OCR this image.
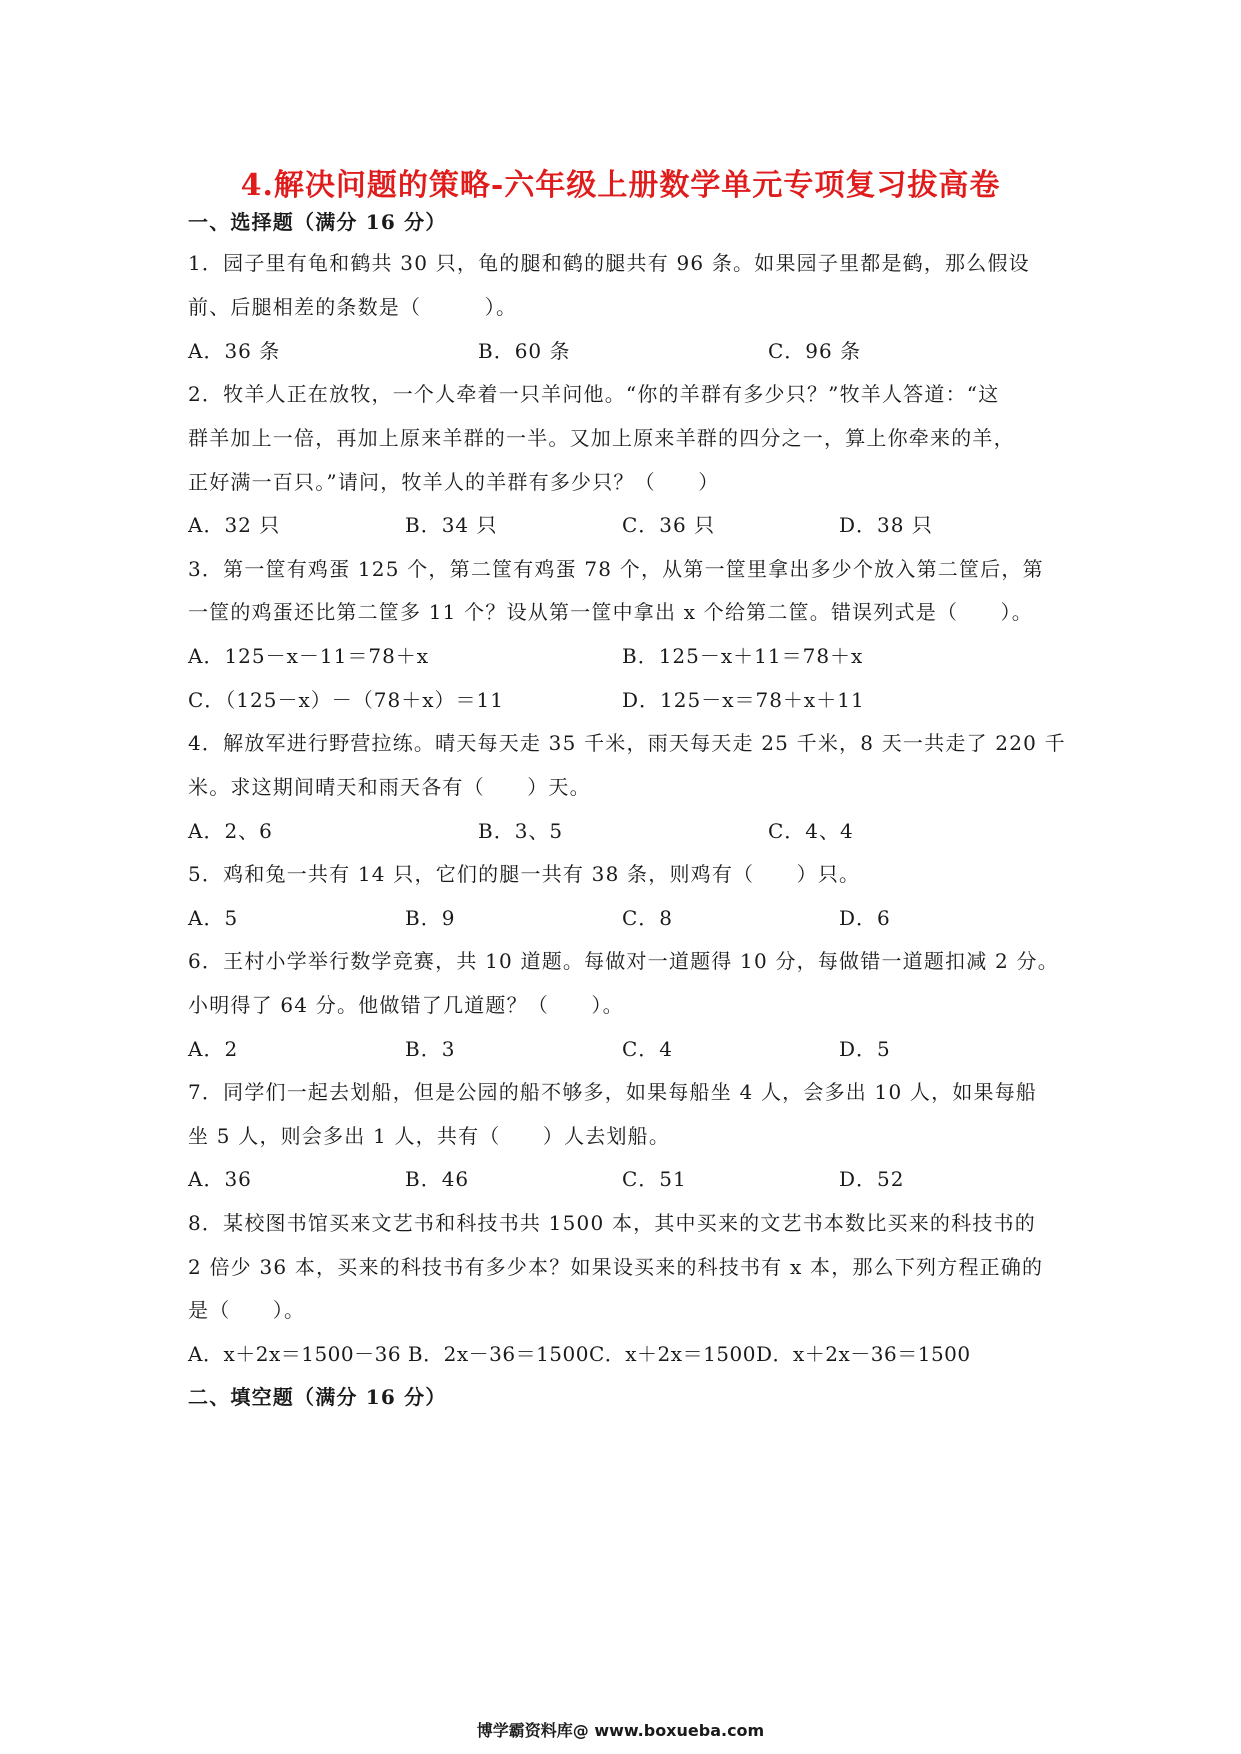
4.解决问题的策略-六年级上册数学单元专项复习拔高卷
一、选择题（满分 16 分）
1．园子里有龟和鹤共 30 只，龟的腿和鹤的腿共有 96 条。如果园子里都是鹤，那么假设
前、后腿相差的条数是（　　　）。
A．36 条	B．60 条	C．96 条
2．牧羊人正在放牧，一个人牵着一只羊问他。“你的羊群有多少只？”牧羊人答道：“这
群羊加上一倍，再加上原来羊群的一半。又加上原来羊群的四分之一，算上你牵来的羊，
正好满一百只。”请问，牧羊人的羊群有多少只？（　　）
A．32 只	B．34 只	C．36 只	D．38 只
3．第一筐有鸡蛋 125 个，第二筐有鸡蛋 78 个，从第一筐里拿出多少个放入第二筐后，第
一筐的鸡蛋还比第二筐多 11 个？设从第一筐中拿出 x 个给第二筐。错误列式是（　　）。
A．125－x－11＝78＋x	B．125－x＋11＝78＋x
C．（125－x）－（78＋x）＝11	D．125－x＝78＋x＋11
4．解放军进行野营拉练。晴天每天走 35 千米，雨天每天走 25 千米，8 天一共走了 220 千
米。求这期间晴天和雨天各有（　　）天。
A．2、6	B．3、5	C．4、4
5．鸡和兔一共有 14 只，它们的腿一共有 38 条，则鸡有（　　）只。
A．5	B．9	C．8	D．6
6．王村小学举行数学竞赛，共 10 道题。每做对一道题得 10 分，每做错一道题扣减 2 分。
小明得了 64 分。他做错了几道题？（　　）。
A．2	B．3	C．4	D．5
7．同学们一起去划船，但是公园的船不够多，如果每船坐 4 人，会多出 10 人，如果每船
坐 5 人，则会多出 1 人，共有（　　）人去划船。
A．36	B．46	C．51	D．52
8．某校图书馆买来文艺书和科技书共 1500 本，其中买来的文艺书本数比买来的科技书的
2 倍少 36 本，买来的科技书有多少本？如果设买来的科技书有 x 本，那么下列方程正确的
是（　　）。
A．x＋2x＝1500－36 B．2x－36＝1500C．x＋2x＝1500D．x＋2x－36＝1500
二、填空题（满分 16 分）
博学霸资料库@ www.boxueba.com
